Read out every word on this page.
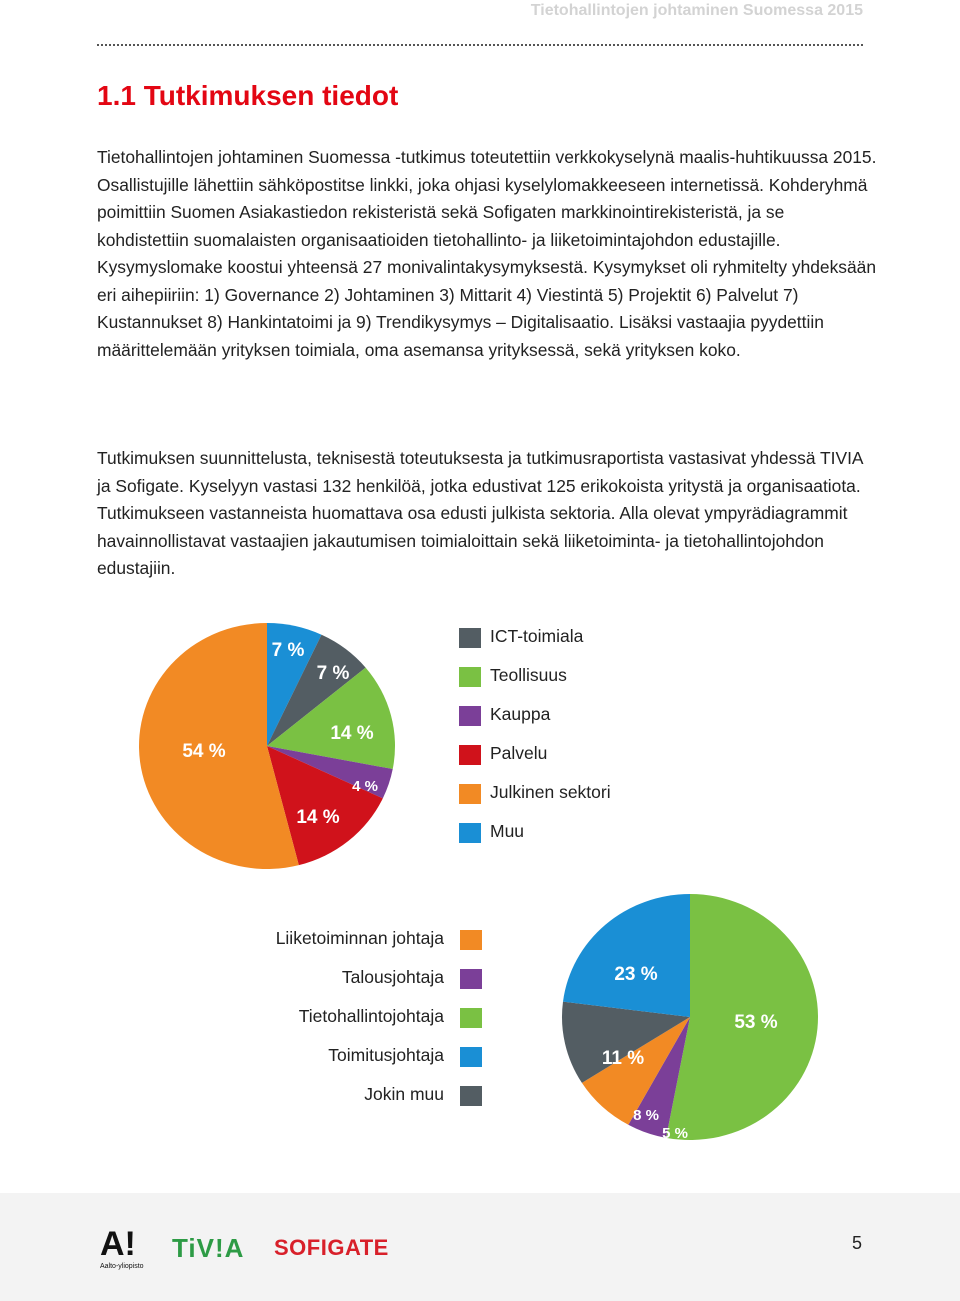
Tietohallintojen johtaminen Suomessa 2015
1.1 Tutkimuksen tiedot

Tietohallintojen johtaminen Suomessa -tutkimus toteutettiin verkkokyselynä maalis-huhtikuussa 2015. Osallistujille lähettiin sähköpostitse linkki, joka ohjasi kyselylomakkeeseen internetissä. Kohderyhmä poimittiin Suomen Asiakastiedon rekisteristä sekä Sofigaten markkinointirekisteristä, ja se kohdistettiin suomalaisten organisaatioiden tietohallinto- ja liiketoimintajohdon edustajille. Kysymyslomake koostui yhteensä 27 monivalintakysymyksestä. Kysymykset oli ryhmitelty yhdeksään eri aihepiiriin: 1) Governance 2) Johtaminen 3) Mittarit 4) Viestintä 5) Projektit 6) Palvelut 7) Kustannukset 8) Hankintatoimi ja 9) Trendikysymys – Digitalisaatio. Lisäksi vastaajia pyydettiin määrittelemään yrityksen toimiala, oma asemansa yrityksessä, sekä yrityksen koko.

Tutkimuksen suunnittelusta, teknisestä toteutuksesta ja tutkimusraportista vastasivat yhdessä TIVIA ja Sofigate. Kyselyyn vastasi 132 henkilöä, jotka edustivat 125 erikokoista yritystä ja organisaatiota. Tutkimukseen vastanneista huomattava osa edusti julkista sektoria. Alla olevat ympyrädiagrammit havainnollistavat vastaajien jakautumisen toimialoittain sekä liiketoiminta- ja tietohallintojohdon edustajiin.

7 %
7 %
14 %
4 %
14 %
54 %
ICT-toimiala
Teollisuus
Kauppa
Palvelu
Julkinen sektori
Muu
Liiketoiminnan johtaja
Talousjohtaja
Tietohallintojohtaja
Toimitusjohtaja
Jokin muu
53 %
5 %
8 %
11 %
23 %
A!
Aalto-yliopisto
TiV!A SOFIGATE	5
